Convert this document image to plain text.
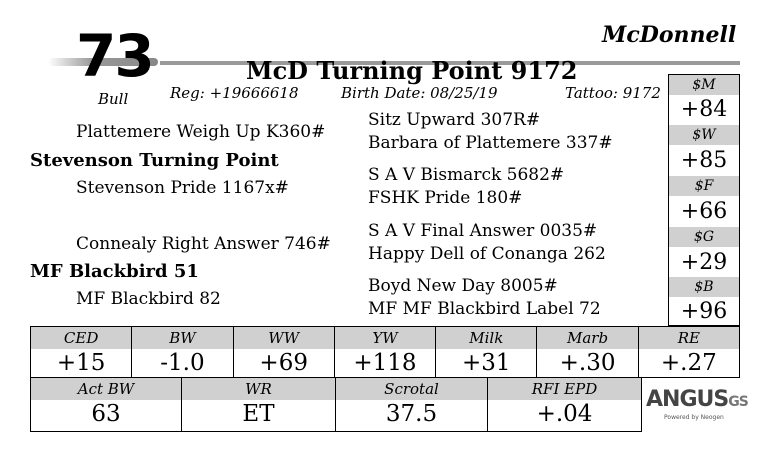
73
Bull
McDonnell
McD Turning Point 9172
Reg: +19666618	Birth Date: 08/25/19	Tattoo: 9172
Plattemere Weigh Up K360#
Stevenson Turning Point
Stevenson Pride 1167x#
Connealy Right Answer 746#
MF Blackbird 51
MF Blackbird 82
Sitz Upward 307R#
Barbara of Plattemere 337#
S A V Bismarck 5682#
FSHK Pride 180#
S A V Final Answer 0035#
Happy Dell of Conanga 262
Boyd New Day 8005#
MF MF Blackbird Label 72
$M
+84
$W
+85
$F
+66
$G
+29
$B
+96
CED
+15
BW
-1.0
WW
+69
YW
+118
Milk
+31
Marb
+.30
RE
+.27
Act BW
63
WR
ET
Scrotal
37.5
RFI EPD
+.04
ANGUSGS
Powered by Neogen
